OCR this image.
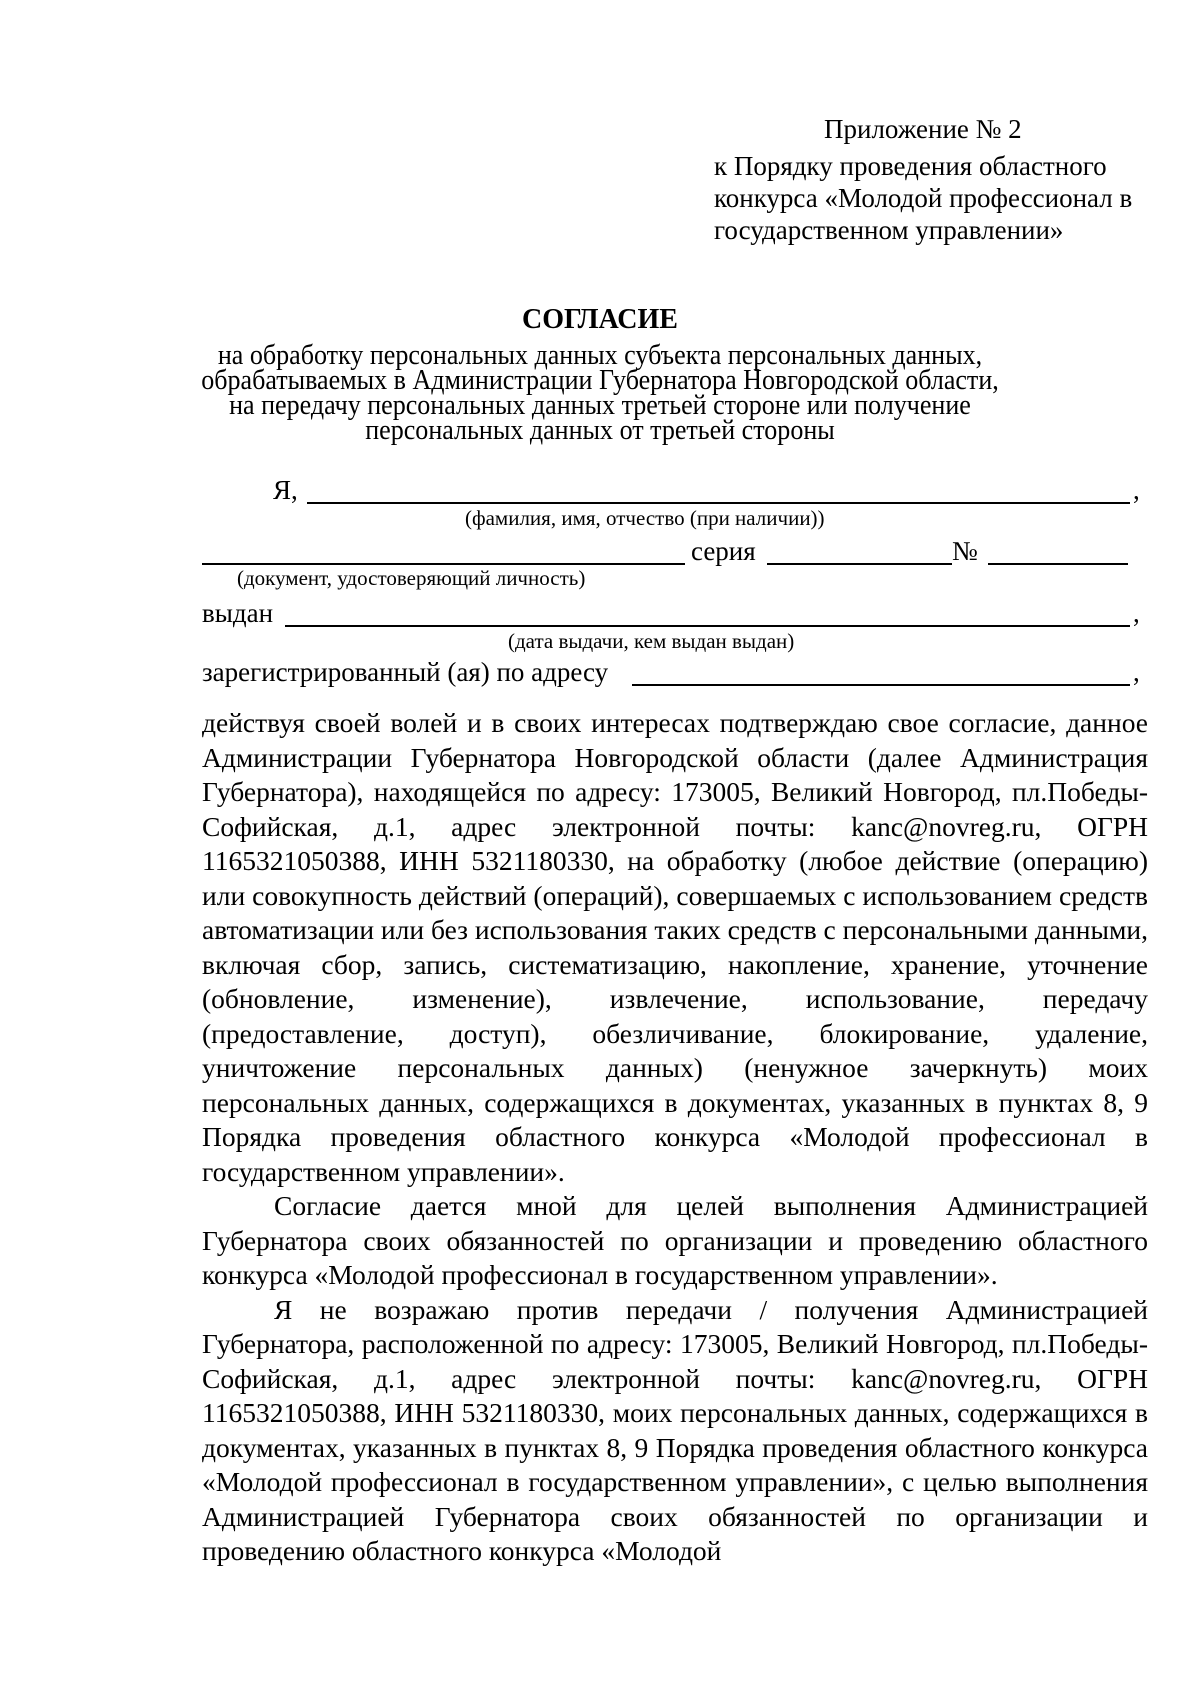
Приложение № 2
к Порядку проведения областного
конкурса «Молодой профессионал в
государственном управлении»
СОГЛАСИЕ
на обработку персональных данных субъекта персональных данных,
обрабатываемых в Администрации Губернатора Новгородской области,
на передачу персональных данных третьей стороне или получение
персональных данных от третьей стороны
Я,	,
(фамилия, имя, отчество (при наличии))
серия	№
(документ, удостоверяющий личность)
выдан	,
(дата выдачи, кем выдан выдан)
зарегистрированный (ая) по адресу	,

действуя своей волей и в своих интересах подтверждаю свое согласие, данное Администрации Губернатора Новгородской области (далее Администрация Губернатора), находящейся по адресу: 173005, Великий Новгород, пл.Победы-Софийская, д.1, адрес электронной почты: kanc@novreg.ru, ОГРН 1165321050388, ИНН 5321180330, на обработку (любое действие (операцию) или совокупность действий (операций), совершаемых с использованием средств автоматизации или без использования таких средств с персональными данными, включая сбор, запись, систематизацию, накопление, хранение, уточнение (обновление, изменение), извлечение, использование, передачу (предоставление, доступ), обезличивание, блокирование, удаление, уничтожение персональных данных) (ненужное зачеркнуть) моих персональных данных, содержащихся в документах, указанных в пунктах 8, 9 Порядка проведения областного конкурса «Молодой профессионал в государственном управлении».

Согласие дается мной для целей выполнения Администрацией Губернатора своих обязанностей по организации и проведению областного конкурса «Молодой профессионал в государственном управлении».

Я не возражаю против передачи / получения Администрацией Губернатора, расположенной по адресу: 173005, Великий Новгород, пл.Победы-Софийская, д.1, адрес электронной почты: kanc@novreg.ru, ОГРН 1165321050388, ИНН 5321180330, моих персональных данных, содержащихся в документах, указанных в пунктах 8, 9 Порядка проведения областного конкурса «Молодой профессионал в государственном управлении», с целью выполнения Администрацией Губернатора своих обязанностей по организации и проведению областного конкурса «Молодой
